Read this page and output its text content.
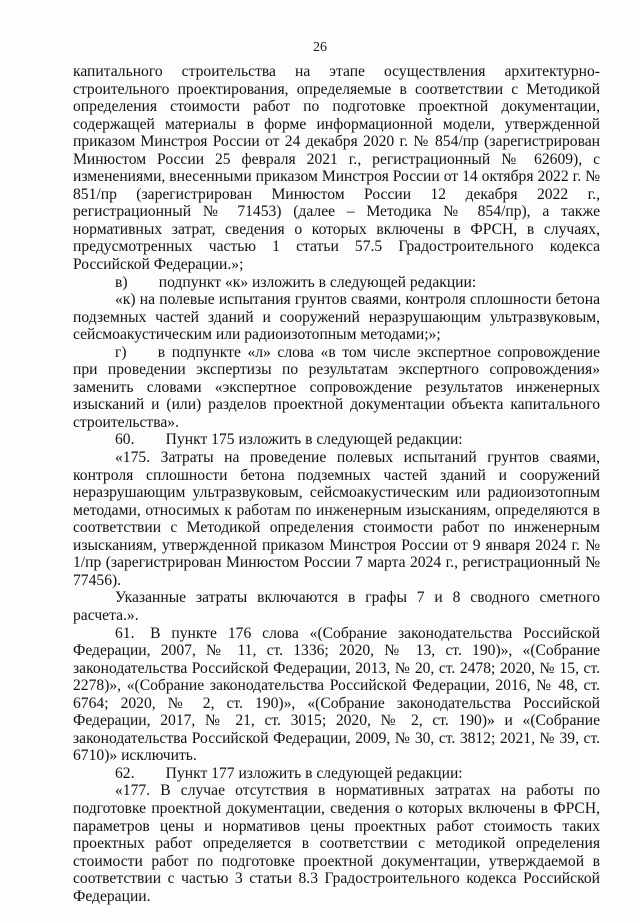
26

капитального строительства на этапе осуществления архитектурно-строительного проектирования, определяемые в соответствии с Методикой определения стоимости работ по подготовке проектной документации, содержащей материалы в форме информационной модели, утвержденной приказом Минстроя России от 24 декабря 2020 г. № 854/пр (зарегистрирован Минюстом России 25 февраля 2021 г., регистрационный № 62609), с изменениями, внесенными приказом Минстроя России от 14 октября 2022 г. № 851/пр (зарегистрирован Минюстом России 12 декабря 2022 г., регистрационный № 71453) (далее – Методика № 854/пр), а также нормативных затрат, сведения о которых включены в ФРСН, в случаях, предусмотренных частью 1 статьи 57.5 Градостроительного кодекса Российской Федерации.»;

в)  подпункт «к» изложить в следующей редакции:

«к) на полевые испытания грунтов сваями, контроля сплошности бетона подземных частей зданий и сооружений неразрушающим ультразвуковым, сейсмоакустическим или радиоизотопным методами;»;

г)  в подпункте «л» слова «в том числе экспертное сопровождение при проведении экспертизы по результатам экспертного сопровождения» заменить словами «экспертное сопровождение результатов инженерных изысканий и (или) разделов проектной документации объекта капитального строительства».

60.  Пункт 175 изложить в следующей редакции:

«175. Затраты на проведение полевых испытаний грунтов сваями, контроля сплошности бетона подземных частей зданий и сооружений неразрушающим ультразвуковым, сейсмоакустическим или радиоизотопным методами, относимых к работам по инженерным изысканиям, определяются в соответствии с Методикой определения стоимости работ по инженерным изысканиям, утвержденной приказом Минстроя России от 9 января 2024 г. № 1/пр (зарегистрирован Минюстом России 7 марта 2024 г., регистрационный № 77456).

Указанные затраты включаются в графы 7 и 8 сводного сметного расчета.».

61. В пункте 176 слова «(Собрание законодательства Российской Федерации, 2007, № 11, ст. 1336; 2020, № 13, ст. 190)», «(Собрание законодательства Российской Федерации, 2013, № 20, ст. 2478; 2020, № 15, ст. 2278)», «(Собрание законодательства Российской Федерации, 2016, № 48, ст. 6764; 2020, № 2, ст. 190)», «(Собрание законодательства Российской Федерации, 2017, № 21, ст. 3015; 2020, № 2, ст. 190)» и «(Собрание законодательства Российской Федерации, 2009, № 30, ст. 3812; 2021, № 39, ст. 6710)» исключить.

62.  Пункт 177 изложить в следующей редакции:

«177. В случае отсутствия в нормативных затратах на работы по подготовке проектной документации, сведения о которых включены в ФРСН, параметров цены и нормативов цены проектных работ стоимость таких проектных работ определяется в соответствии с методикой определения стоимости работ по подготовке проектной документации, утверждаемой в соответствии с частью 3 статьи 8.3 Градостроительного кодекса Российской Федерации.
